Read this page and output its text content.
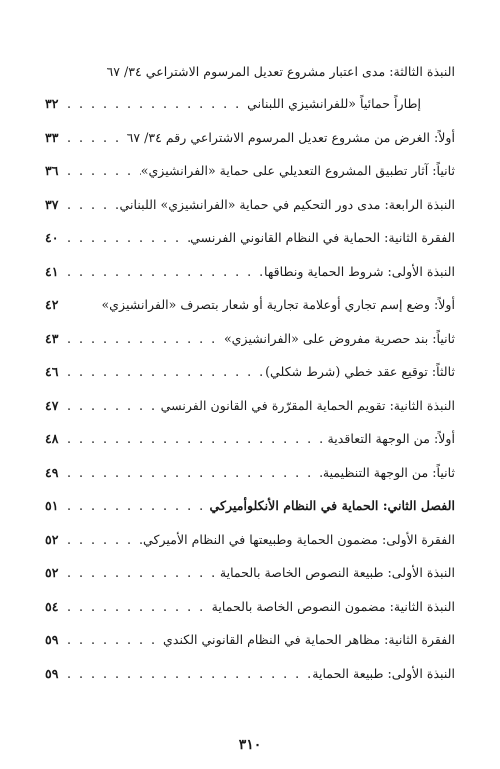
النبذة الثالثة: مدى اعتبار مشروع تعديل المرسوم الاشتراعي ٣٤/ ٦٧
إطاراً حمائياً «للفرانشيزي اللبناني
. . .
٣٢
أولاً: الغرض من مشروع تعديل المرسوم الاشتراعي رقم ٣٤/ ٦٧
. . .
٣٣
ثانياً: آثار تطبيق المشروع التعديلي على حماية «الفرانشيزي»
. . .
٣٦
النبذة الرابعة: مدى دور التحكيم في حماية «الفرانشيزي» اللبناني
. . .
٣٧
الفقرة الثانية: الحماية في النظام القانوني الفرنسي
. . .
٤٠
النبذة الأولى: شروط الحماية ونطاقها
. . .
٤١
أولاً: وضع إسم تجاري أوعلامة تجارية أو شعار بتصرف «الفرانشيزي»
٤٢
ثانياً: بند حصرية مفروض على «الفرانشيزي»
. . .
٤٣
ثالثاً: توقيع عقد خطي (شرط شكلي)
. . .
٤٦
النبذة الثانية: تقويم الحماية المقرّرة في القانون الفرنسي
. . .
٤٧
أولاً: من الوجهة التعاقدية
. . .
٤٨
ثانياً: من الوجهة التنظيمية
. . .
٤٩
الفصل الثاني: الحماية في النظام الأنكلوأميركي
. . .
٥١
الفقرة الأولى: مضمون الحماية وطبيعتها في النظام الأميركي
. . .
٥٢
النبذة الأولى: طبيعة النصوص الخاصة بالحماية
. . .
٥٢
النبذة الثانية: مضمون النصوص الخاصة بالحماية
. . .
٥٤
الفقرة الثانية: مظاهر الحماية في النظام القانوني الكندي
. . .
٥٩
النبذة الأولى: طبيعة الحماية
. . .
٥٩
٣١٠
